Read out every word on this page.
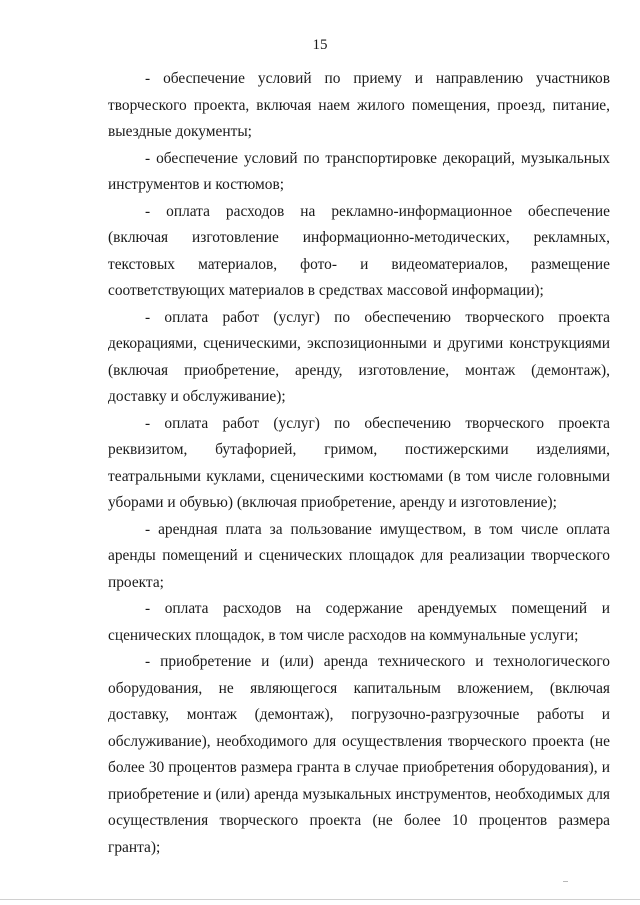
15

- обеспечение условий по приему и направлению участников творческого проекта, включая наем жилого помещения, проезд, питание, выездные документы;

- обеспечение условий по транспортировке декораций, музыкальных инструментов и костюмов;

- оплата расходов на рекламно-информационное обеспечение (включая изготовление информационно-методических, рекламных, текстовых материалов, фото- и видеоматериалов, размещение соответствующих материалов в средствах массовой информации);

- оплата работ (услуг) по обеспечению творческого проекта декорациями, сценическими, экспозиционными и другими конструкциями (включая приобретение, аренду, изготовление, монтаж (демонтаж), доставку и обслуживание);

- оплата работ (услуг) по обеспечению творческого проекта реквизитом, бутафорией, гримом, постижерскими изделиями, театральными куклами, сценическими костюмами (в том числе головными уборами и обувью) (включая приобретение, аренду и изготовление);

- арендная плата за пользование имуществом, в том числе оплата аренды помещений и сценических площадок для реализации творческого проекта;

- оплата расходов на содержание арендуемых помещений и сценических площадок, в том числе расходов на коммунальные услуги;

- приобретение и (или) аренда технического и технологического оборудования, не являющегося капитальным вложением, (включая доставку, монтаж (демонтаж), погрузочно-разгрузочные работы и обслуживание), необходимого для осуществления творческого проекта (не более 30 процентов размера гранта в случае приобретения оборудования), и приобретение и (или) аренда музыкальных инструментов, необходимых для осуществления творческого проекта (не более 10 процентов размера гранта);
